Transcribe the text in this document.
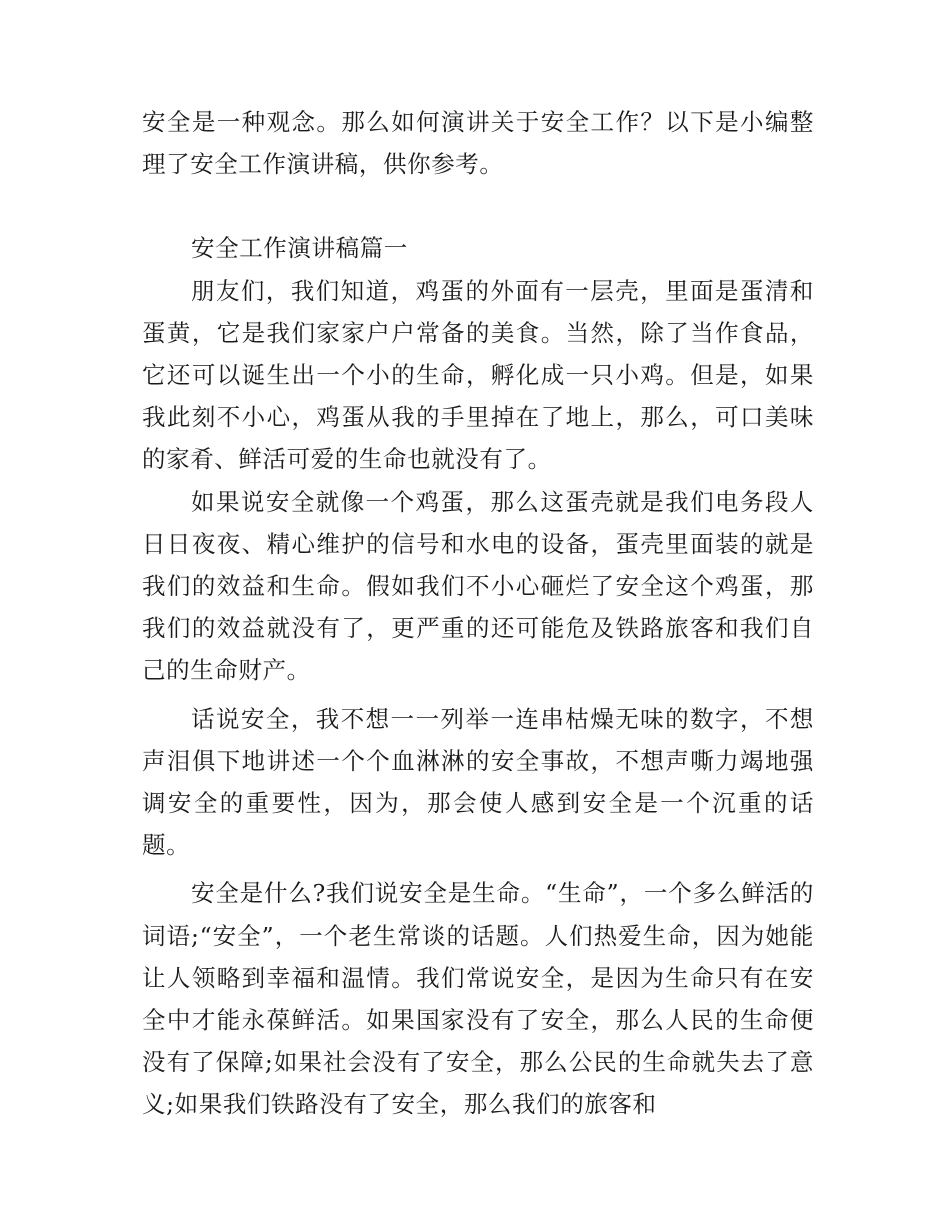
安全是一种观念。那么如何演讲关于安全工作？以下是小编整理了安全工作演讲稿，供你参考。

安全工作演讲稿篇一

朋友们，我们知道，鸡蛋的外面有一层壳，里面是蛋清和蛋黄，它是我们家家户户常备的美食。当然，除了当作食品，它还可以诞生出一个小的生命，孵化成一只小鸡。但是，如果我此刻不小心，鸡蛋从我的手里掉在了地上，那么，可口美味的家肴、鲜活可爱的生命也就没有了。

如果说安全就像一个鸡蛋，那么这蛋壳就是我们电务段人日日夜夜、精心维护的信号和水电的设备，蛋壳里面装的就是我们的效益和生命。假如我们不小心砸烂了安全这个鸡蛋，那我们的效益就没有了，更严重的还可能危及铁路旅客和我们自己的生命财产。

话说安全，我不想一一列举一连串枯燥无味的数字，不想声泪俱下地讲述一个个血淋淋的安全事故，不想声嘶力竭地强调安全的重要性，因为，那会使人感到安全是一个沉重的话题。

安全是什么?我们说安全是生命。“生命”，一个多么鲜活的词语;“安全”，一个老生常谈的话题。人们热爱生命，因为她能让人领略到幸福和温情。我们常说安全，是因为生命只有在安全中才能永葆鲜活。如果国家没有了安全，那么人民的生命便没有了保障;如果社会没有了安全，那么公民的生命就失去了意义;如果我们铁路没有了安全，那么我们的旅客和
